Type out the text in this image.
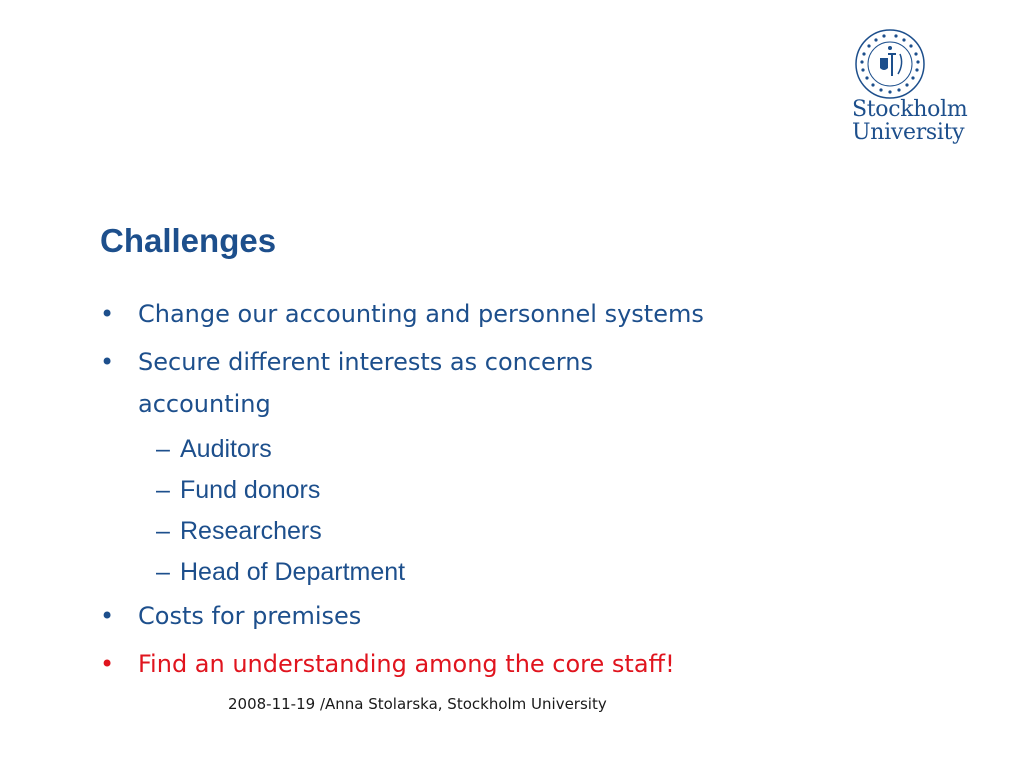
Stockholm
University
Challenges
• Change our accounting and personnel systems
• Secure different interests as concerns
accounting
– Auditors
– Fund donors
– Researchers
– Head of Department
• Costs for premises
• Find an understanding among the core staff!
2008-11-19 /Anna Stolarska, Stockholm University
